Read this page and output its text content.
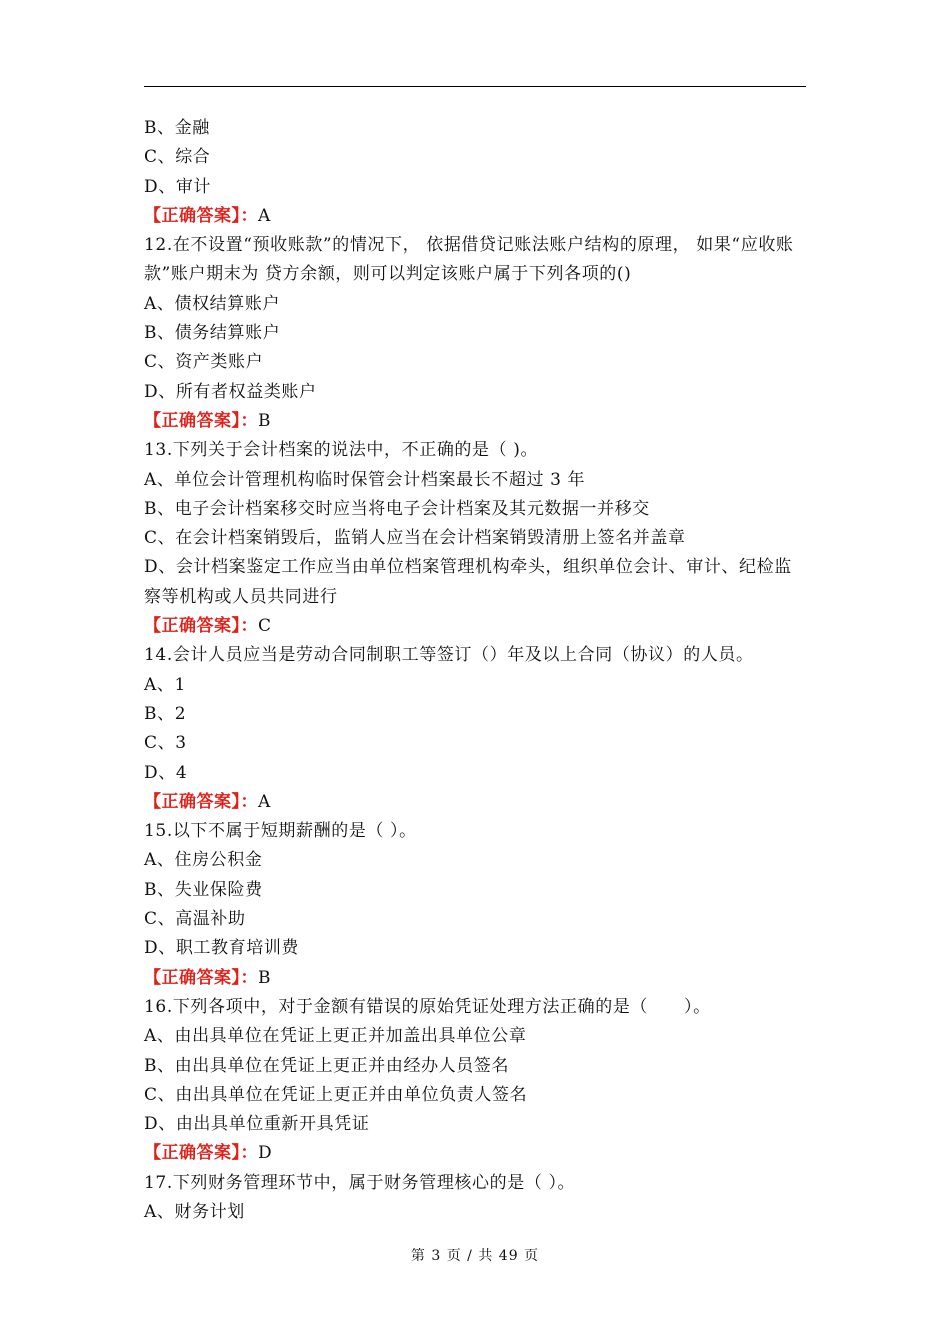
B、金融
C、综合
D、审计
【正确答案】：A
12.在不设置“预收账款”的情况下， 依据借贷记账法账户结构的原理， 如果“应收账款”账户期末为 贷方余额，则可以判定该账户属于下列各项的()
A、债权结算账户
B、债务结算账户
C、资产类账户
D、所有者权益类账户
【正确答案】：B
13.下列关于会计档案的说法中，不正确的是（ )。
A、单位会计管理机构临时保管会计档案最长不超过 3 年
B、电子会计档案移交时应当将电子会计档案及其元数据一并移交
C、在会计档案销毁后，监销人应当在会计档案销毁清册上签名并盖章
D、会计档案鉴定工作应当由单位档案管理机构牵头，组织单位会计、审计、纪检监察等机构或人员共同进行
【正确答案】：C
14.会计人员应当是劳动合同制职工等签订（）年及以上合同（协议）的人员。
A、1
B、2
C、3
D、4
【正确答案】：A
15.以下不属于短期薪酬的是（ ）。
A、住房公积金
B、失业保险费
C、高温补助
D、职工教育培训费
【正确答案】：B
16.下列各项中，对于金额有错误的原始凭证处理方法正确的是（      ）。
A、由出具单位在凭证上更正并加盖出具单位公章
B、由出具单位在凭证上更正并由经办人员签名
C、由出具单位在凭证上更正并由单位负责人签名
D、由出具单位重新开具凭证
【正确答案】：D
17.下列财务管理环节中，属于财务管理核心的是（ ）。
A、财务计划
第 3 页 / 共 49 页
